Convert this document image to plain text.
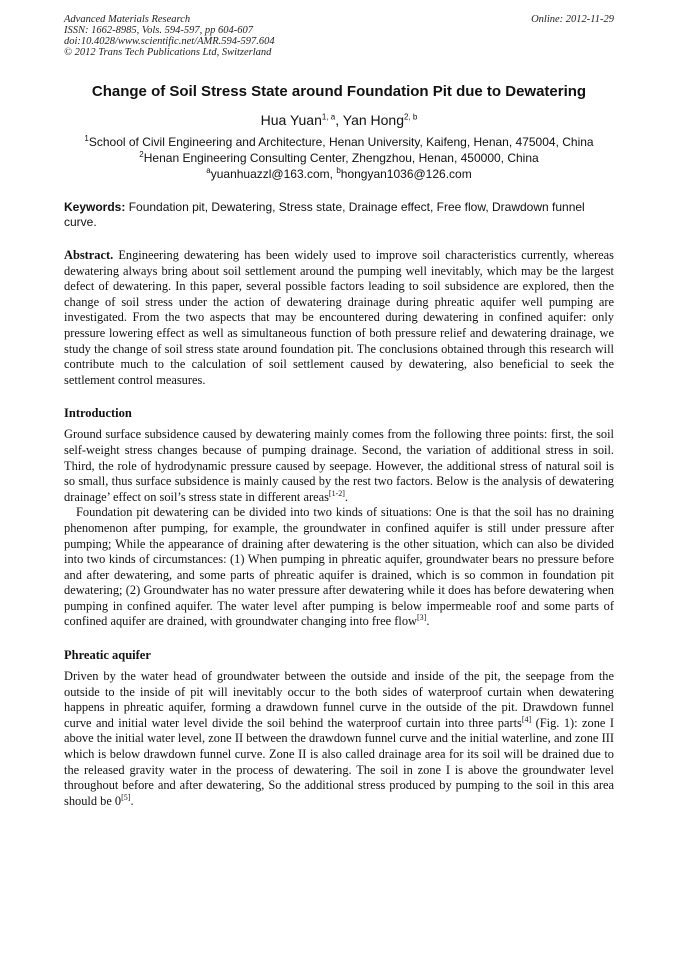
Advanced Materials Research
ISSN: 1662-8985, Vols. 594-597, pp 604-607
doi:10.4028/www.scientific.net/AMR.594-597.604
© 2012 Trans Tech Publications Ltd, Switzerland
Online: 2012-11-29
Change of Soil Stress State around Foundation Pit due to Dewatering
Hua Yuan$^{1, a}$, Yan Hong$^{2, b}$
$^1$School of Civil Engineering and Architecture, Henan University, Kaifeng, Henan, 475004, China
$^2$Henan Engineering Consulting Center, Zhengzhou, Henan, 450000, China
$^a$yuanhuazzl@163.com, $^b$hongyan1036@126.com
Keywords: Foundation pit, Dewatering, Stress state, Drainage effect, Free flow, Drawdown funnel curve.
Abstract. Engineering dewatering has been widely used to improve soil characteristics currently, whereas dewatering always bring about soil settlement around the pumping well inevitably, which may be the largest defect of dewatering. In this paper, several possible factors leading to soil subsidence are explored, then the change of soil stress under the action of dewatering drainage during phreatic aquifer well pumping are investigated. From the two aspects that may be encountered during dewatering in confined aquifer: only pressure lowering effect as well as simultaneous function of both pressure relief and dewatering drainage, we study the change of soil stress state around foundation pit. The conclusions obtained through this research will contribute much to the calculation of soil settlement caused by dewatering, also beneficial to seek the settlement control measures.
Introduction
Ground surface subsidence caused by dewatering mainly comes from the following three points: first, the soil self-weight stress changes because of pumping drainage. Second, the variation of additional stress in soil. Third, the role of hydrodynamic pressure caused by seepage. However, the additional stress of natural soil is so small, thus surface subsidence is mainly caused by the rest two factors. Below is the analysis of dewatering drainage’ effect on soil’s stress state in different areas[1-2].
Foundation pit dewatering can be divided into two kinds of situations: One is that the soil has no draining phenomenon after pumping, for example, the groundwater in confined aquifer is still under pressure after pumping; While the appearance of draining after dewatering is the other situation, which can also be divided into two kinds of circumstances: (1) When pumping in phreatic aquifer, groundwater bears no pressure before and after dewatering, and some parts of phreatic aquifer is drained, which is so common in foundation pit dewatering; (2) Groundwater has no water pressure after dewatering while it does has before dewatering when pumping in confined aquifer. The water level after pumping is below impermeable roof and some parts of confined aquifer are drained, with groundwater changing into free flow[3].
Phreatic aquifer
Driven by the water head of groundwater between the outside and inside of the pit, the seepage from the outside to the inside of pit will inevitably occur to the both sides of waterproof curtain when dewatering happens in phreatic aquifer, forming a drawdown funnel curve in the outside of the pit. Drawdown funnel curve and initial water level divide the soil behind the waterproof curtain into three parts[4] (Fig. 1): zone I above the initial water level, zone II between the drawdown funnel curve and the initial waterline, and zone III which is below drawdown funnel curve. Zone II is also called drainage area for its soil will be drained due to the released gravity water in the process of dewatering. The soil in zone I is above the groundwater level throughout before and after dewatering, So the additional stress produced by pumping to the soil in this area should be 0[5].
